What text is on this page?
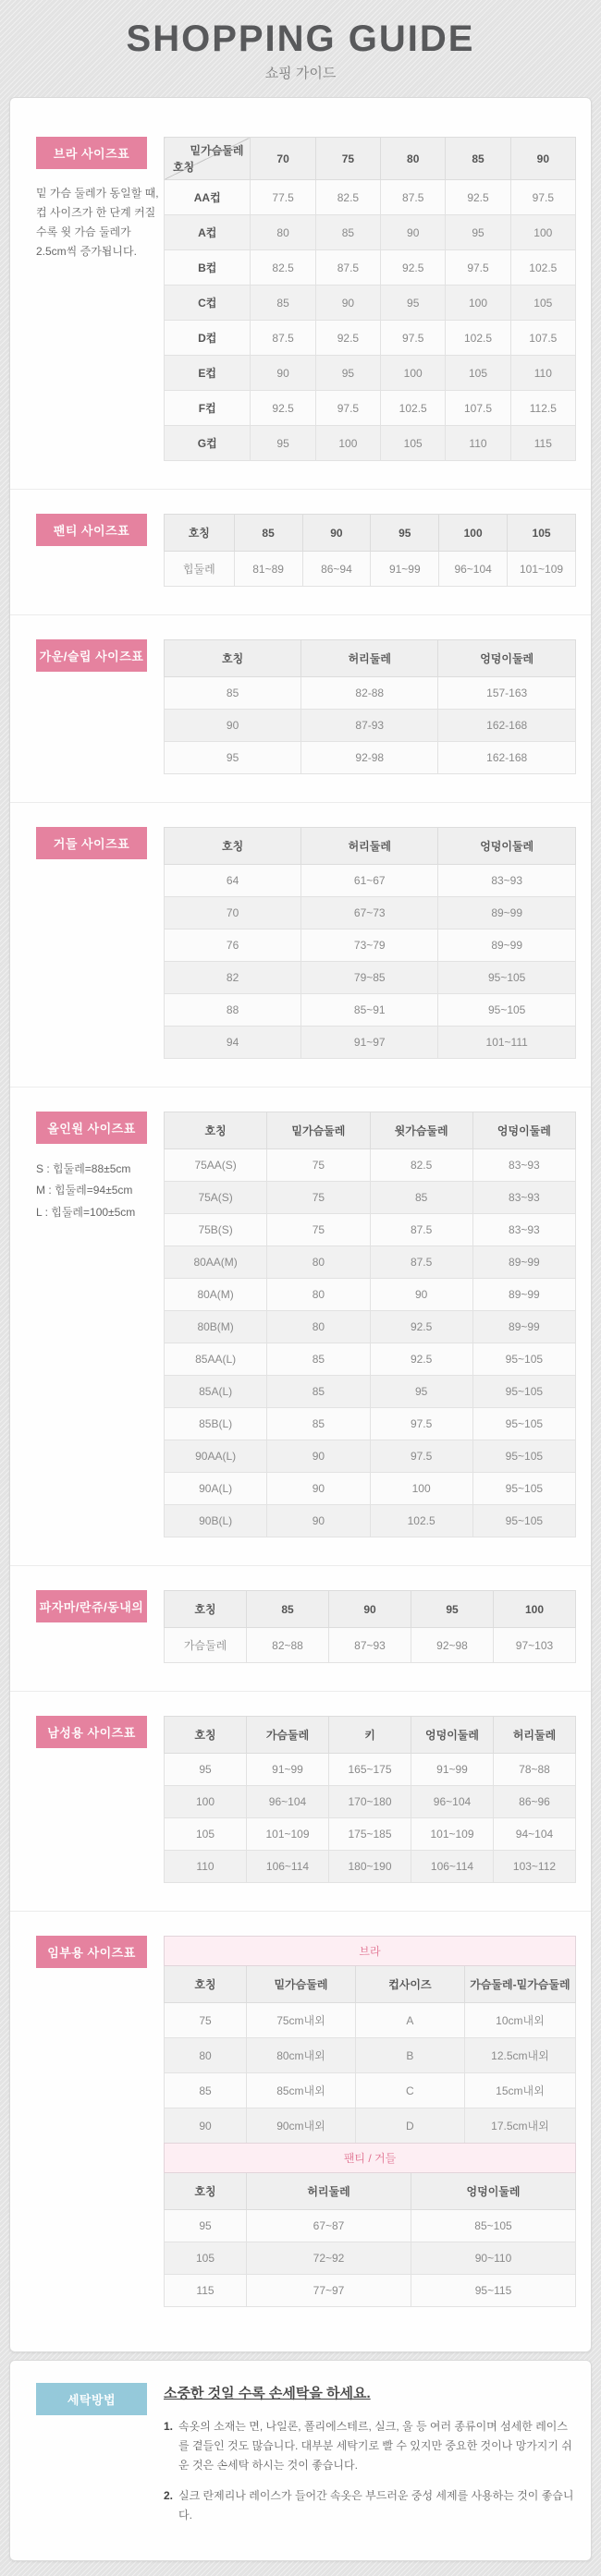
SHOPPING GUIDE
쇼핑 가이드
브라 사이즈표
밑 가슴 둘레가 동일할 때, 컵 사이즈가 한 단계 커질수록 윗 가슴 둘레가 2.5cm씩 증가됩니다.
밑가슴둘레
호칭	70	75	80	85	90
AA컵	77.5	82.5	87.5	92.5	97.5
A컵	80	85	90	95	100
B컵	82.5	87.5	92.5	97.5	102.5
C컵	85	90	95	100	105
D컵	87.5	92.5	97.5	102.5	107.5
E컵	90	95	100	105	110
F컵	92.5	97.5	102.5	107.5	112.5
G컵	95	100	105	110	115
팬티 사이즈표	호칭	85	90	95	100	105
힙둘레	81~89	86~94	91~99	96~104	101~109
가운/슬립 사이즈표	호칭	허리둘레	엉덩이둘레
85	82-88	157-163
90	87-93	162-168
95	92-98	162-168
거들 사이즈표	호칭	허리둘레	엉덩이둘레
64	61~67	83~93
70	67~73	89~99
76	73~79	89~99
82	79~85	95~105
88	85~91	95~105
94	91~97	101~111
올인원 사이즈표
S : 힙둘레=88±5cm
M : 힙둘레=94±5cm
L : 힙둘레=100±5cm
호칭	밑가슴둘레	윗가슴둘레	엉덩이둘레
75AA(S)	75	82.5	83~93
75A(S)	75	85	83~93
75B(S)	75	87.5	83~93
80AA(M)	80	87.5	89~99
80A(M)	80	90	89~99
80B(M)	80	92.5	89~99
85AA(L)	85	92.5	95~105
85A(L)	85	95	95~105
85B(L)	85	97.5	95~105
90AA(L)	90	97.5	95~105
90A(L)	90	100	95~105
90B(L)	90	102.5	95~105
파자마/란쥬/동내의	호칭	85	90	95	100
가슴둘레	82~88	87~93	92~98	97~103
남성용 사이즈표	호칭	가슴둘레	키	엉덩이둘레	허리둘레
95	91~99	165~175	91~99	78~88
100	96~104	170~180	96~104	86~96
105	101~109	175~185	101~109	94~104
110	106~114	180~190	106~114	103~112
임부용 사이즈표	브라			
호칭	밑가슴둘레	컵사이즈	가슴둘레-밑가슴둘레
75	75cm내외	A	10cm내외
80	80cm내외	B	12.5cm내외
85	85cm내외	C	15cm내외
90	90cm내외	D	17.5cm내외
팬티 / 거들		
호칭	허리둘레	엉덩이둘레
95	67~87	85~105
105	72~92	90~110
115	77~97	95~115
세탁방법	소중한 것일 수록 손세탁을 하세요.
1. 속옷의 소재는 면, 나일론, 폴리에스테르, 실크, 울 등 여러 종류이며 섬세한 레이스를 곁들인 것도 많습니다. 대부분 세탁기로 빨 수 있지만 중요한 것이나 망가지기 쉬운 것은 손세탁 하시는 것이 좋습니다.
2. 실크 란제리나 레이스가 들어간 속옷은 부드러운 중성 세제를 사용하는 것이 좋습니다.
